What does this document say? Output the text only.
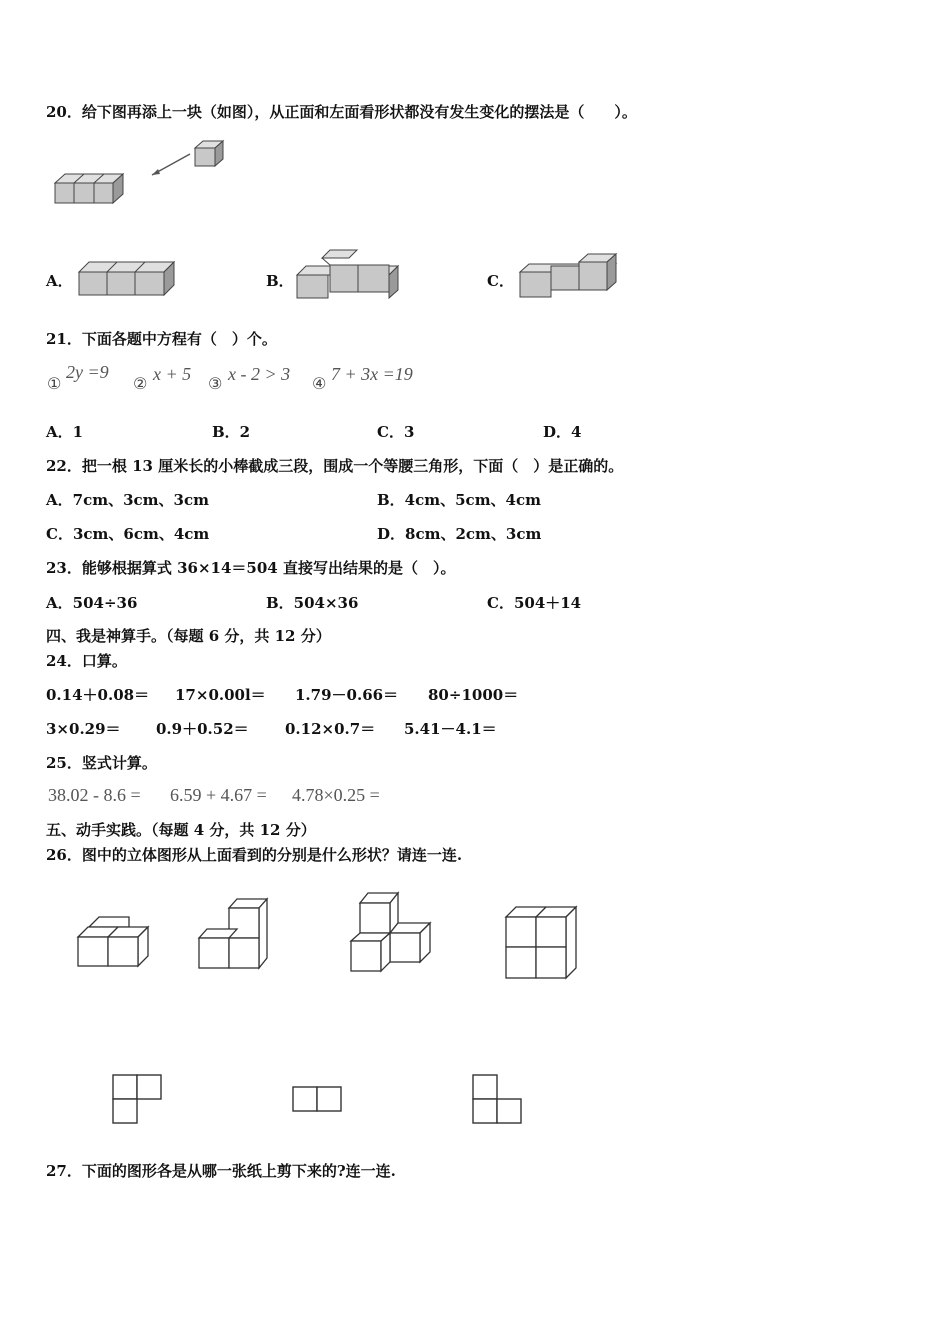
20．给下图再添上一块（如图），从正面和左面看形状都没有发生变化的摆法是（　　）。
A．	B．	C．
21．下面各题中方程有（　）个。
①
2y =9
② x + 5 ③ x - 2 > 3 ④ 7 + 3x =19
A．1	B．2	C．3	D．4
22．把一根 13 厘米长的小棒截成三段，围成一个等腰三角形，下面（　）是正确的。
A．7cm、3cm、3cm	B．4cm、5cm、4cm
C．3cm、6cm、4cm	D．8cm、2cm、3cm
23．能够根据算式 36×14＝504 直接写出结果的是（　）。
A．504÷36	B．504×36	C．504＋14
四、我是神算手。（每题 6 分，共 12 分）
24．口算。
0.14＋0.08＝ 17×0.00l＝ 1.79－0.66＝ 80÷1000＝
3×0.29＝ 0.9＋0.52＝ 0.12×0.7＝ 5.41－4.1＝
25．竖式计算。
38.02 - 8.6 = 6.59 + 4.67 = 4.78×0.25 =
五、动手实践。（每题 4 分，共 12 分）
26．图中的立体图形从上面看到的分别是什么形状？请连一连.
27．下面的图形各是从哪一张纸上剪下来的?连一连.
